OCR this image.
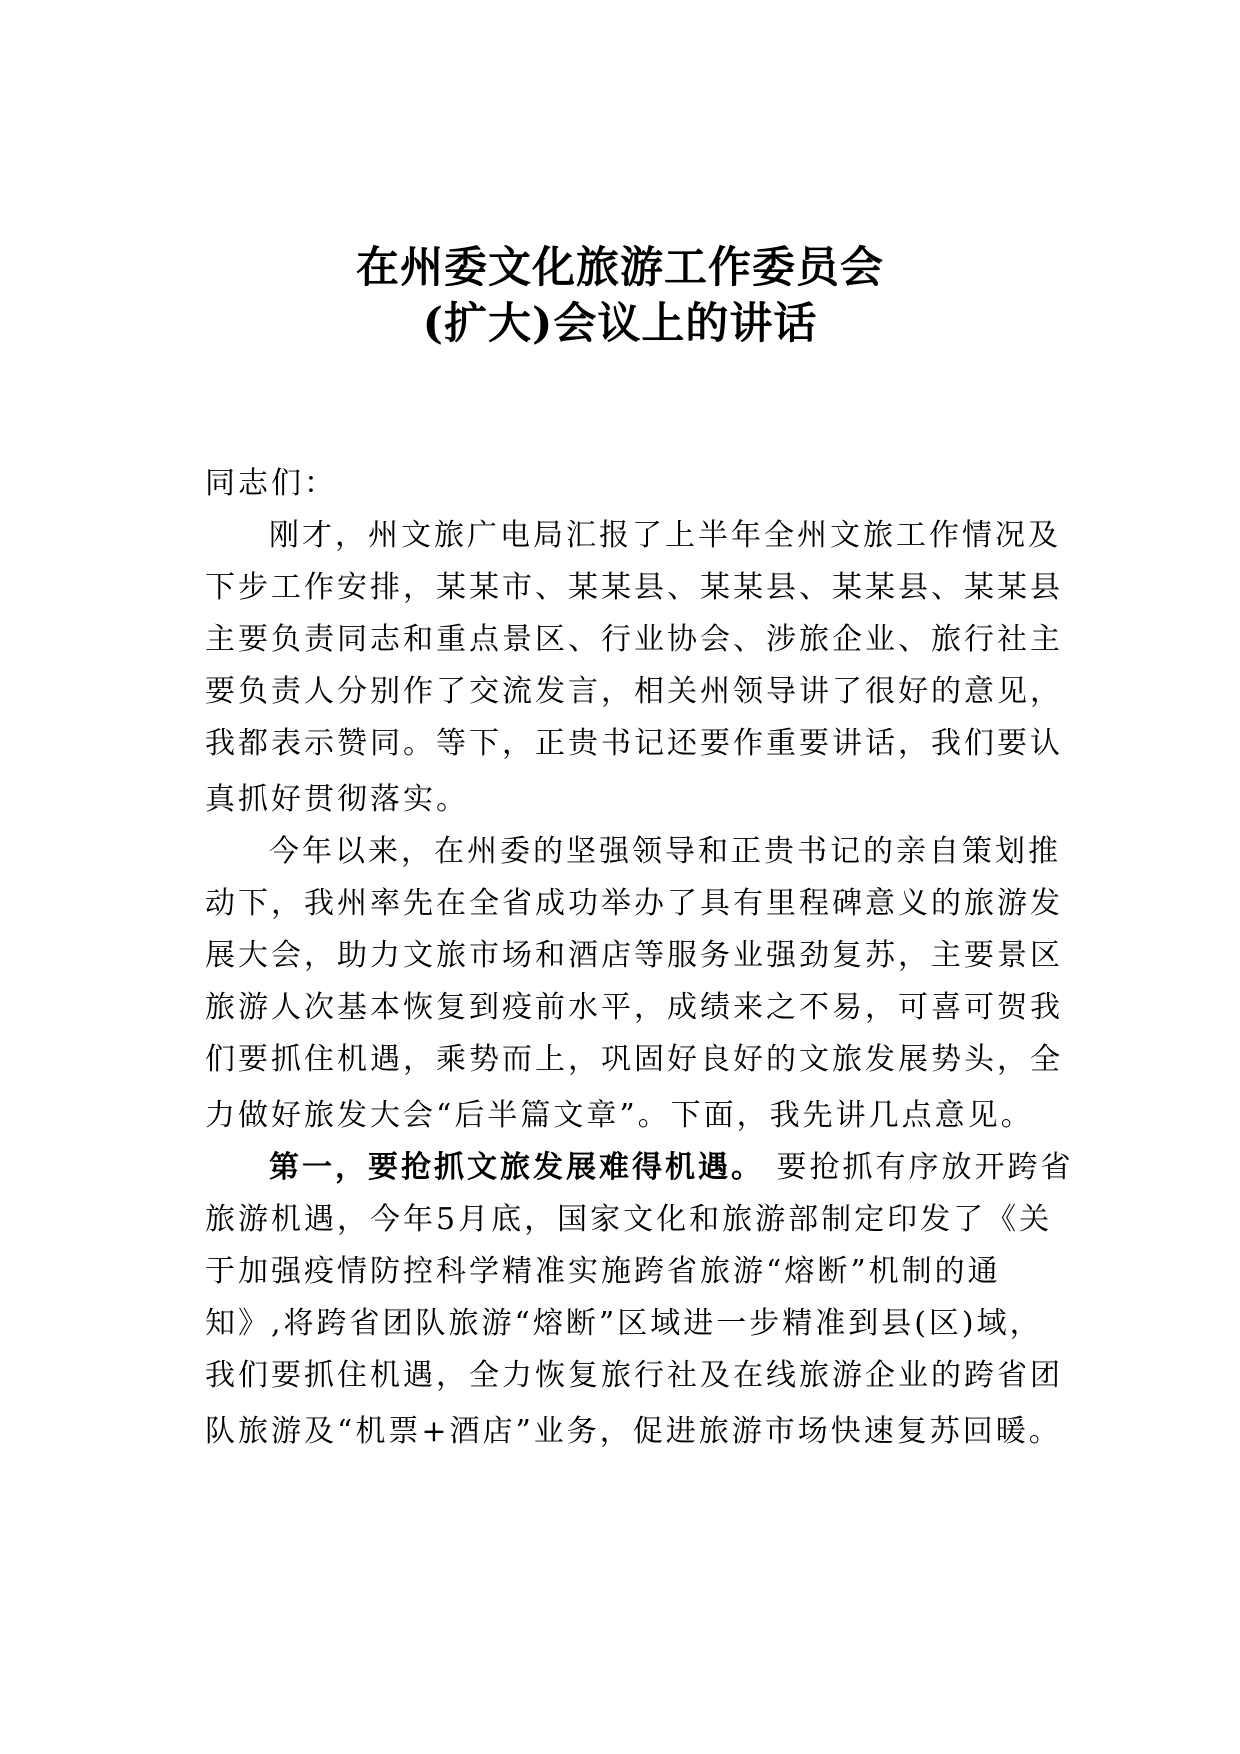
在州委文化旅游工作委员会
(扩大)会议上的讲话
同志们：
刚才，州文旅广电局汇报了上半年全州文旅工作情况及
下步工作安排，某某市、某某县、某某县、某某县、某某县
主要负责同志和重点景区、行业协会、涉旅企业、旅行社主
要负责人分别作了交流发言，相关州领导讲了很好的意见，
我都表示赞同。等下，正贵书记还要作重要讲话，我们要认
真抓好贯彻落实。
今年以来，在州委的坚强领导和正贵书记的亲自策划推
动下，我州率先在全省成功举办了具有里程碑意义的旅游发
展大会，助力文旅市场和酒店等服务业强劲复苏，主要景区
旅游人次基本恢复到疫前水平，成绩来之不易，可喜可贺我
们要抓住机遇，乘势而上，巩固好良好的文旅发展势头，全
力做好旅发大会“后半篇文章”。下面，我先讲几点意见。
第一，要抢抓文旅发展难得机遇。 要抢抓有序放开跨省
旅游机遇，今年5月底，国家文化和旅游部制定印发了《关
于加强疫情防控科学精准实施跨省旅游“熔断”机制的通
知》,将跨省团队旅游“熔断”区域进一步精准到县(区)域，
我们要抓住机遇，全力恢复旅行社及在线旅游企业的跨省团
队旅游及“机票+酒店”业务，促进旅游市场快速复苏回暖。
